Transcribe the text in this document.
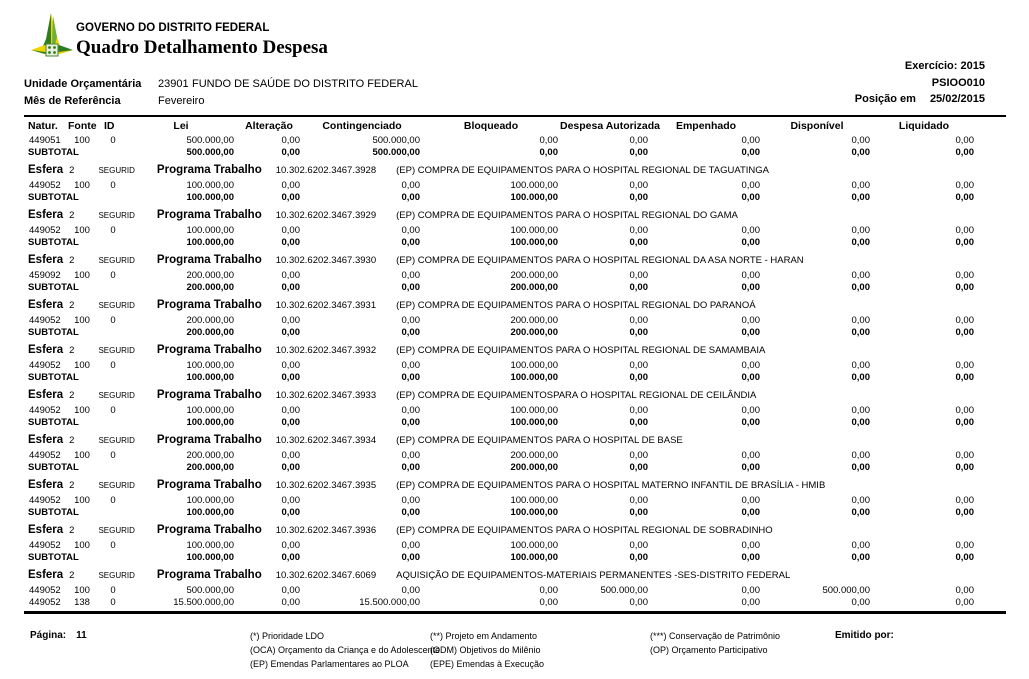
GOVERNO DO DISTRITO FEDERAL
Quadro Detalhamento Despesa
Exercício: 2015
PSIOO010
Posição em 25/02/2015
Unidade Orçamentária 23901 FUNDO DE SAÚDE DO DISTRITO FEDERAL
Mês de Referência	Fevereiro
Natur. Fonte ID	Lei	Alteração	Contingenciado	Bloqueado	Despesa Autorizada	Empenhado	Disponível	Liquidado
449051	100	0	500.000,00	0,00	500.000,00	0,00	0,00	0,00	0,00	0,00
SUBTOTAL	500.000,00	0,00	500.000,00	0,00	0,00	0,00	0,00	0,00
Esfera 2	SEGURID Programa Trabalho 10.302.6202.3467.3928 (EP) COMPRA DE EQUIPAMENTOS PARA O HOSPITAL REGIONAL DE TAGUATINGA
449052	100	0	100.000,00	0,00	0,00	100.000,00	0,00	0,00	0,00	0,00
SUBTOTAL	100.000,00	0,00	0,00	100.000,00	0,00	0,00	0,00	0,00
Esfera 2	SEGURID Programa Trabalho 10.302.6202.3467.3929 (EP) COMPRA DE EQUIPAMENTOS PARA O HOSPITAL REGIONAL DO GAMA
449052	100	0	100.000,00	0,00	0,00	100.000,00	0,00	0,00	0,00	0,00
SUBTOTAL	100.000,00	0,00	0,00	100.000,00	0,00	0,00	0,00	0,00
Esfera 2	SEGURID Programa Trabalho 10.302.6202.3467.3930 (EP) COMPRA DE EQUIPAMENTOS PARA O HOSPITAL REGIONAL DA ASA NORTE - HARAN
459092	100	0	200.000,00	0,00	0,00	200.000,00	0,00	0,00	0,00	0,00
SUBTOTAL	200.000,00	0,00	0,00	200.000,00	0,00	0,00	0,00	0,00
Esfera 2	SEGURID Programa Trabalho 10.302.6202.3467.3931 (EP) COMPRA DE EQUIPAMENTOS PARA O HOSPITAL REGIONAL DO PARANOÁ
449052	100	0	200.000,00	0,00	0,00	200.000,00	0,00	0,00	0,00	0,00
SUBTOTAL	200.000,00	0,00	0,00	200.000,00	0,00	0,00	0,00	0,00
Esfera 2	SEGURID Programa Trabalho 10.302.6202.3467.3932 (EP) COMPRA DE EQUIPAMENTOS PARA O HOSPITAL REGIONAL DE SAMAMBAIA
449052	100	0	100.000,00	0,00	0,00	100.000,00	0,00	0,00	0,00	0,00
SUBTOTAL	100.000,00	0,00	0,00	100.000,00	0,00	0,00	0,00	0,00
Esfera 2	SEGURID Programa Trabalho 10.302.6202.3467.3933 (EP) COMPRA DE EQUIPAMENTOSPARA O HOSPITAL REGIONAL DE CEILÂNDIA
449052	100	0	100.000,00	0,00	0,00	100.000,00	0,00	0,00	0,00	0,00
SUBTOTAL	100.000,00	0,00	0,00	100.000,00	0,00	0,00	0,00	0,00
Esfera 2	SEGURID Programa Trabalho 10.302.6202.3467.3934 (EP) COMPRA DE EQUIPAMENTOS PARA O HOSPITAL DE BASE
449052	100	0	200.000,00	0,00	0,00	200.000,00	0,00	0,00	0,00	0,00
SUBTOTAL	200.000,00	0,00	0,00	200.000,00	0,00	0,00	0,00	0,00
Esfera 2	SEGURID Programa Trabalho 10.302.6202.3467.3935 (EP) COMPRA DE EQUIPAMENTOS PARA O HOSPITAL MATERNO INFANTIL DE BRASÍLIA - HMIB
449052	100	0	100.000,00	0,00	0,00	100.000,00	0,00	0,00	0,00	0,00
SUBTOTAL	100.000,00	0,00	0,00	100.000,00	0,00	0,00	0,00	0,00
Esfera 2	SEGURID Programa Trabalho 10.302.6202.3467.3936 (EP) COMPRA DE EQUIPAMENTOS PARA O HOSPITAL REGIONAL DE SOBRADINHO
449052	100	0	100.000,00	0,00	0,00	100.000,00	0,00	0,00	0,00	0,00
SUBTOTAL	100.000,00	0,00	0,00	100.000,00	0,00	0,00	0,00	0,00
Esfera 2	SEGURID Programa Trabalho 10.302.6202.3467.6069 AQUISIÇÃO DE EQUIPAMENTOS-MATERIAIS PERMANENTES -SES-DISTRITO FEDERAL
449052	100	0	500.000,00	0,00	0,00	0,00	500.000,00	0,00	500.000,00	0,00
449052	138	0	15.500.000,00	0,00	15.500.000,00	0,00	0,00	0,00	0,00	0,00
Página: 11	(*) Prioridade LDO
(OCA) Orçamento da Criança e do Adolescente
(EP) Emendas Parlamentares ao PLOA
(**) Projeto em Andamento
(ODM) Objetivos do Milênio
(EPE) Emendas à Execução
(***) Conservação de Patrimônio
(OP) Orçamento Participativo
Emitido por:
